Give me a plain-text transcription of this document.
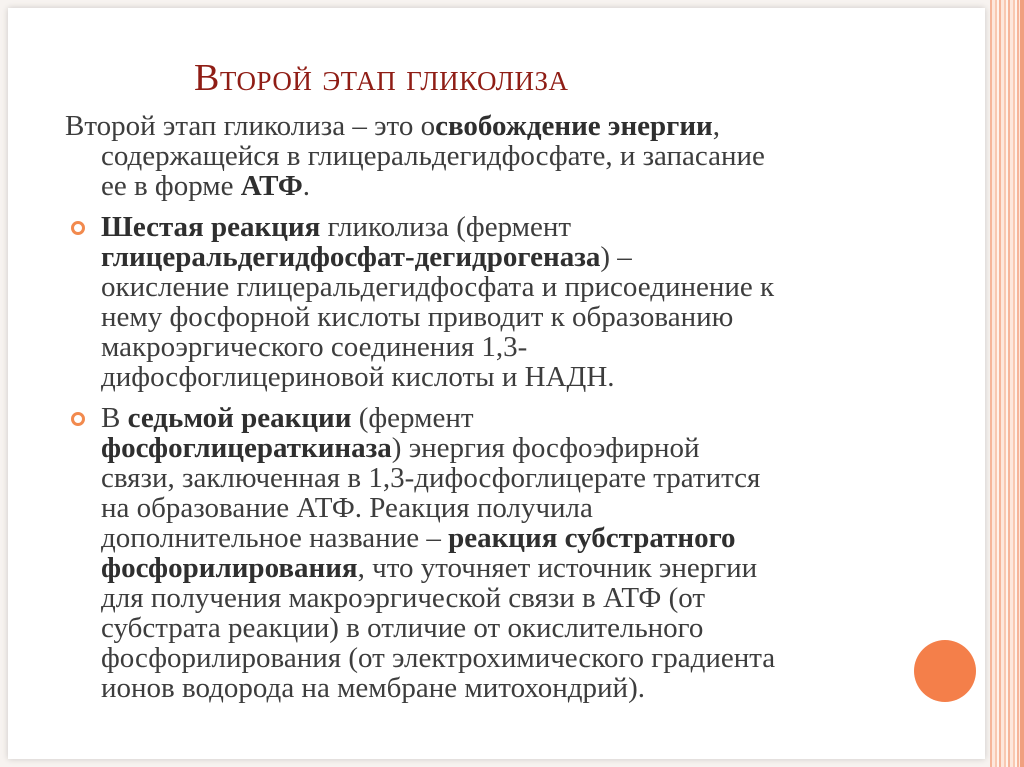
Второй этап гликолиза

Второй этап гликолиза – это освобождение энергии,
содержащейся в глицеральдегидфосфате, и запасание
ее в форме АТФ.

Шестая реакция гликолиза (фермент
глицеральдегидфосфат-дегидрогеназа) –
окисление глицеральдегидфосфата и присоединение к
нему фосфорной кислоты приводит к образованию
макроэргического соединения 1,3-
дифосфоглицериновой кислоты и НАДН.
В седьмой реакции (фермент
фосфоглицераткиназа) энергия фосфоэфирной
связи, заключенная в 1,3-дифосфоглицерате тратится
на образование АТФ. Реакция получила
дополнительное название – реакция субстратного
фосфорилирования, что уточняет источник энергии
для получения макроэргической связи в АТФ (от
субстрата реакции) в отличие от окислительного
фосфорилирования (от электрохимического градиента
ионов водорода на мембране митохондрий).
